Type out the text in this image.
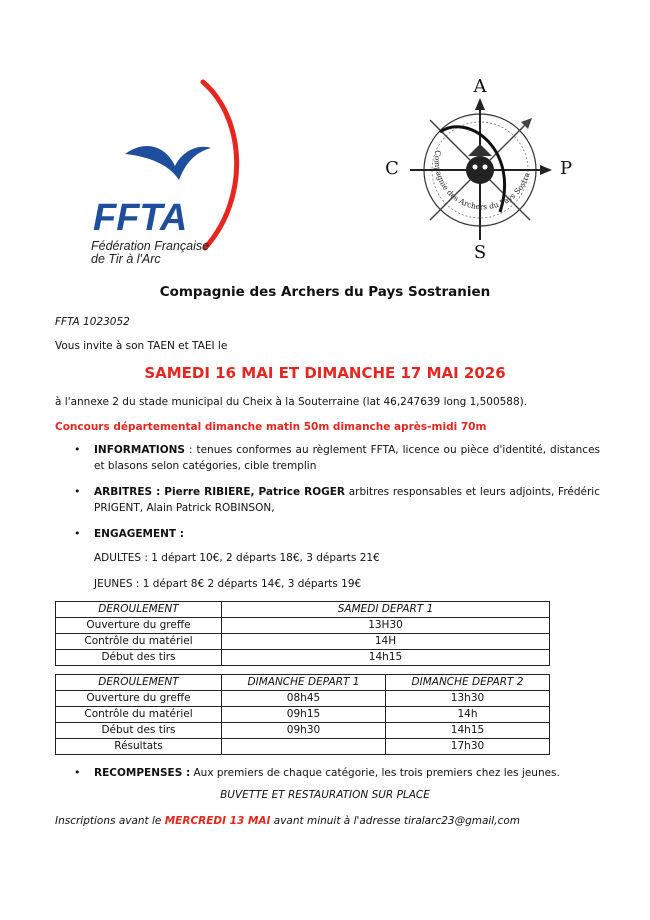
FFTA
Fédération Française
de Tir à l'Arc
A
C	P
S
Compagnie des Archers du Pays Sostra
Compagnie des Archers du Pays Sostranien
FFTA 1023052
Vous invite à son TAEN et TAEI le
SAMEDI 16 MAI ET DIMANCHE 17 MAI 2026
à l'annexe 2 du stade municipal du Cheix à la Souterraine (lat 46,247639 long 1,500588).
Concours départemental dimanche matin 50m dimanche après-midi 70m
• INFORMATIONS : tenues conformes au règlement FFTA, licence ou pièce d'identité, distances et blasons selon catégories, cible tremplin
• ARBITRES : Pierre RIBIERE, Patrice ROGER arbitres responsables et leurs adjoints, Frédéric PRIGENT, Alain Patrick ROBINSON,
• ENGAGEMENT :
ADULTES : 1 départ 10€, 2 départs 18€, 3 départs 21€
JEUNES : 1 départ 8€ 2 départs 14€, 3 départs 19€
DEROULEMENT	SAMEDI DEPART 1
Ouverture du greffe	13H30
Contrôle du matériel	14H
Début des tirs	14h15
DEROULEMENT	DIMANCHE DEPART 1	DIMANCHE DEPART 2
Ouverture du greffe	08h45	13h30
Contrôle du matériel	09h15	14h
Début des tirs	09h30	14h15
Résultats		17h30
• RECOMPENSES : Aux premiers de chaque catégorie, les trois premiers chez les jeunes.
BUVETTE ET RESTAURATION SUR PLACE
Inscriptions avant le MERCREDI 13 MAI avant minuit à l'adresse tiralarc23@gmail,com
